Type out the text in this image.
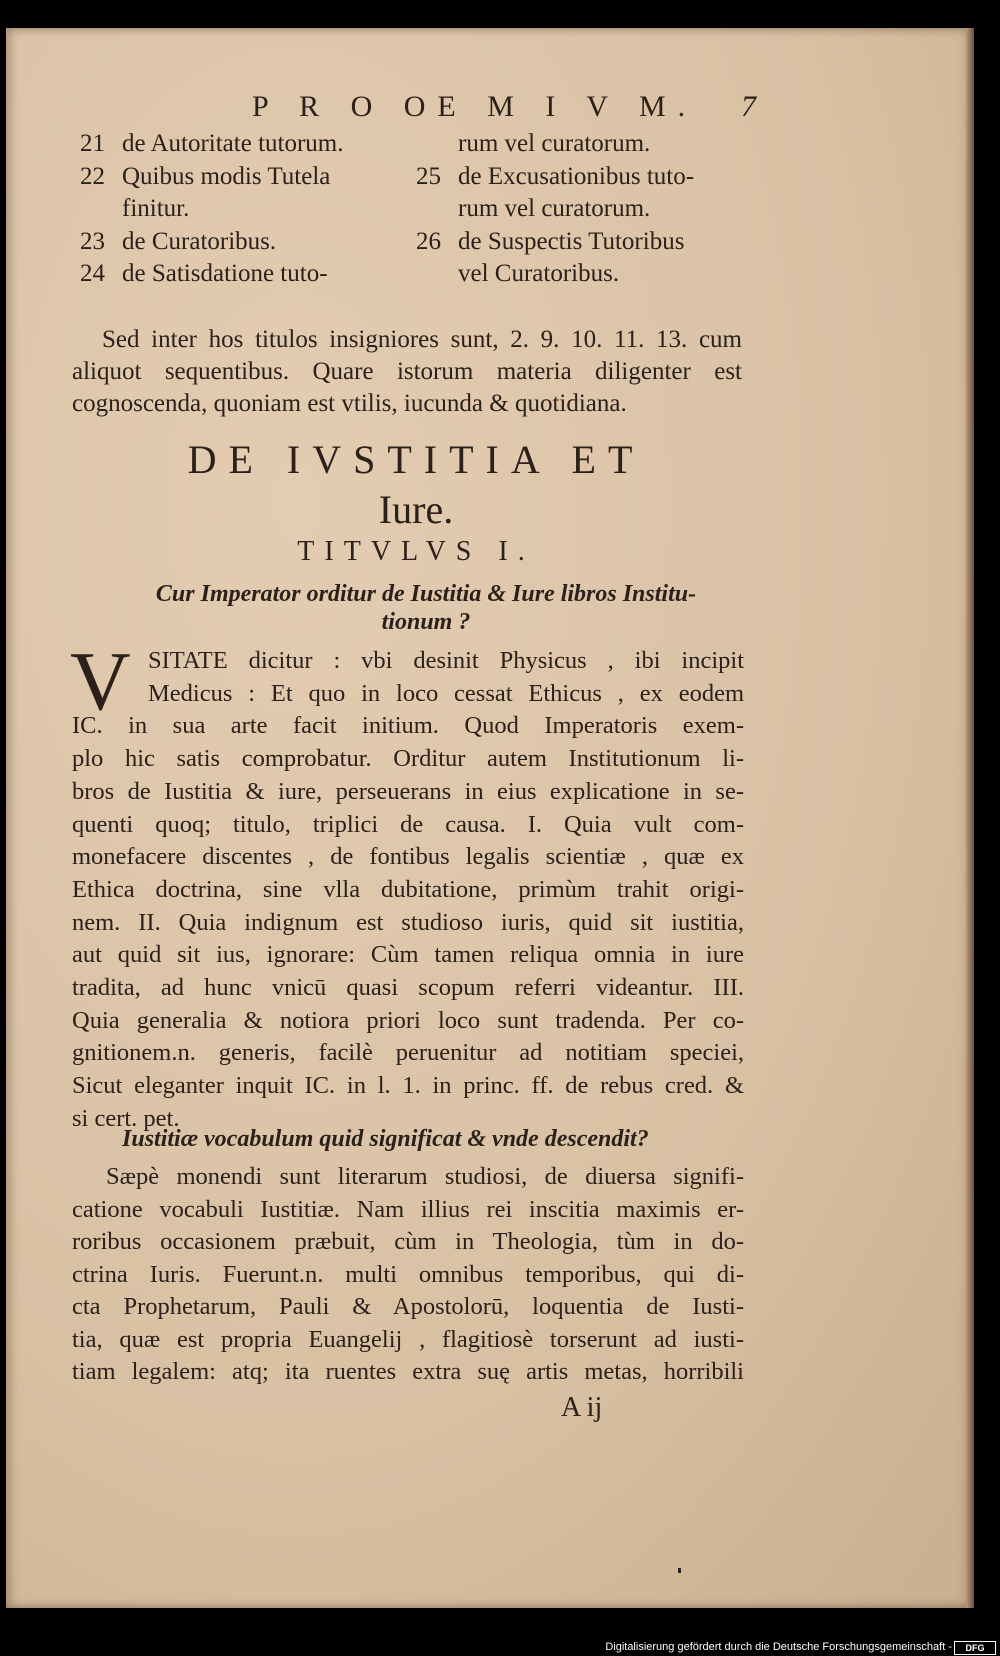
P R O OE M I V M. 7
21 de Autoritate tutorum.
22 Quibus modis Tutela
finitur.
23 de Curatoribus.
24 de Satisdatione tuto-
rum vel curatorum.
25 de Excusationibus tuto-
rum vel curatorum.
26 de Suspectis Tutoribus
vel Curatoribus.
Sed inter hos titulos insigniores sunt, 2. 9. 10. 11. 13. cum
aliquot sequentibus. Quare istorum materia diligenter est
cognoscenda, quoniam est vtilis, iucunda & quotidiana.
DE IVSTITIA ET
Iure.
TITVLVS I.
Cur Imperator orditur de Iustitia & Iure libros Institu-
tionum ?
V SITATE dicitur : vbi desinit Physicus , ibi incipit
Medicus : Et quo in loco cessat Ethicus , ex eodem
IC. in sua arte facit initium. Quod Imperatoris exem-
plo hic satis comprobatur. Orditur autem Institutionum li-
bros de Iustitia & iure, perseuerans in eius explicatione in se-
quenti quoq; titulo, triplici de causa. I. Quia vult com-
monefacere discentes , de fontibus legalis scientiæ , quæ ex
Ethica doctrina, sine vlla dubitatione, primùm trahit origi-
nem. II. Quia indignum est studioso iuris, quid sit iustitia,
aut quid sit ius, ignorare: Cùm tamen reliqua omnia in iure
tradita, ad hunc vnicū quasi scopum referri videantur. III.
Quia generalia & notiora priori loco sunt tradenda. Per co-
gnitionem.n. generis, facilè peruenitur ad notitiam speciei,
Sicut eleganter inquit IC. in l. 1. in princ. ff. de rebus cred. &
si cert. pet.
Iustitiæ vocabulum quid significat & vnde descendit?
Sæpè monendi sunt literarum studiosi, de diuersa signifi-
catione vocabuli Iustitiæ. Nam illius rei inscitia maximis er-
roribus occasionem præbuit, cùm in Theologia, tùm in do-
ctrina Iuris. Fuerunt.n. multi omnibus temporibus, qui di-
cta Prophetarum, Pauli & Apostolorū, loquentia de Iusti-
tia, quæ est propria Euangelij , flagitiosè torserunt ad iusti-
tiam legalem: atq; ita ruentes extra suę artis metas, horribili
A ij
Digitalisierung gefördert durch die Deutsche Forschungsgemeinschaft -	DFG
